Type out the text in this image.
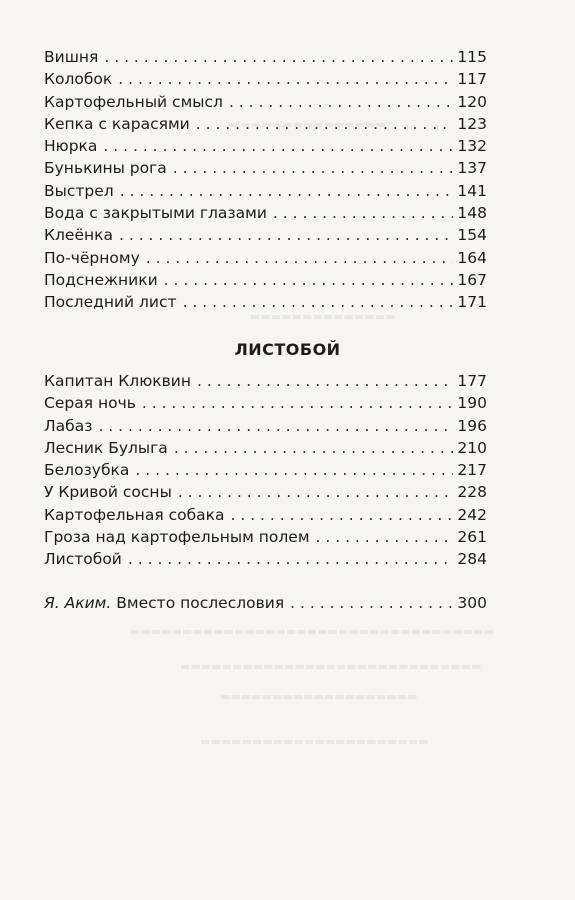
▬▬▬▬▬▬▬▬▬▬▬▬▬▬▬
▬▬▬▬▬▬▬▬▬▬▬▬▬▬
▬▬▬▬▬▬▬▬▬▬▬▬▬▬▬▬▬▬▬▬▬▬▬▬▬▬▬▬▬▬▬▬▬▬▬
▬▬▬▬▬▬▬▬▬▬▬▬▬▬▬▬▬▬▬▬▬▬▬▬▬▬▬▬▬
▬▬▬▬▬▬▬▬▬▬▬▬▬▬▬▬▬▬▬
▬▬▬▬▬▬▬▬▬▬▬▬▬▬▬▬▬▬▬▬▬▬
Вишня . . .	115
Колобок . . .	117
Картофельный смысл . . .	120
Кепка с карасями . . .	123
Нюрка . . .	132
Бунькины рога . . .	137
Выстрел . . .	141
Вода с закрытыми глазами . . .	148
Клеёнка . . .	154
По-чёрному . . .	164
Подснежники . . .	167
Последний лист . . .	171
ЛИСТОБОЙ
Капитан Клюквин . . .	177
Серая ночь . . .	190
Лабаз . . .	196
Лесник Булыга . . .	210
Белозубка . . .	217
У Кривой сосны . . .	228
Картофельная собака . . .	242
Гроза над картофельным полем . . .	261
Листобой . . .	284
Я. Аким. Вместо послесловия . . .	300
